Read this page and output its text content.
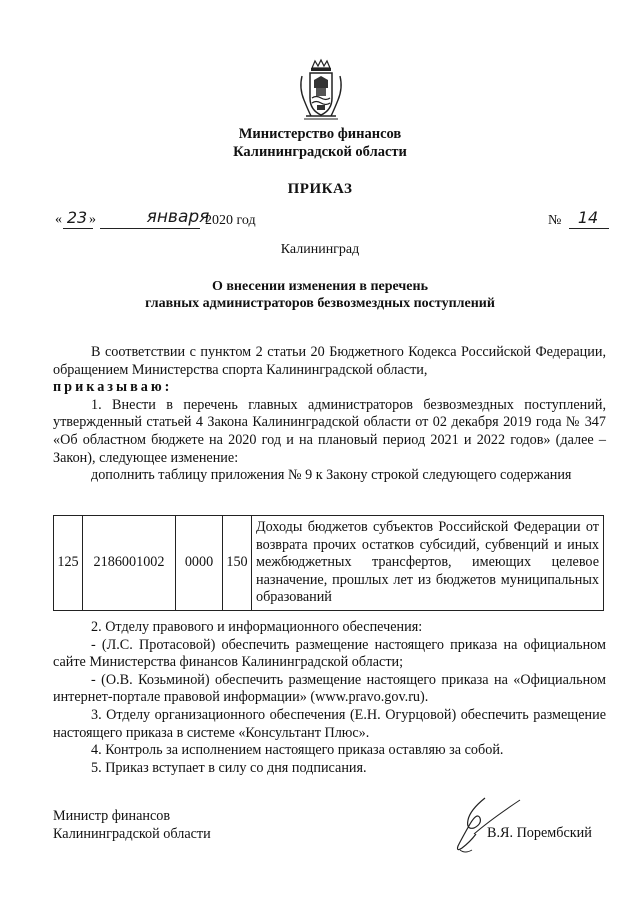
Министерство финансов
Калининградской области
ПРИКАЗ
« 23 »	января
2020 год	№	14
Калининград
О внесении изменения в перечень
главных администраторов безвозмездных поступлений

В соответствии с пунктом 2 статьи 20 Бюджетного Кодекса Российской Федерации, обращением Министерства спорта Калининградской области,
приказываю:

1. Внести в перечень главных администраторов безвозмездных поступлений, утвержденный статьей 4 Закона Калининградской области от 02 декабря 2019 года № 347 «Об областном бюджете на 2020 год и на плановый период 2021 и 2022 годов» (далее – Закон), следующее изменение:

дополнить таблицу приложения № 9 к Закону строкой следующего содержания

125	2186001002	0000	150	Доходы бюджетов субъектов Российской Федерации от возврата прочих остатков субсидий, субвенций и иных межбюджетных трансфертов, имеющих целевое назначение, прошлых лет из бюджетов муниципальных образований

2. Отделу правового и информационного обеспечения:

- (Л.С. Протасовой) обеспечить размещение настоящего приказа на официальном сайте Министерства финансов Калининградской области;

- (О.В. Козьминой) обеспечить размещение настоящего приказа на «Официальном интернет-портале правовой информации» (www.pravo.gov.ru).

3. Отделу организационного обеспечения (Е.Н. Огурцовой) обеспечить размещение настоящего приказа в системе «Консультант Плюс».

4. Контроль за исполнением настоящего приказа оставляю за собой.

5. Приказ вступает в силу со дня подписания.

Министр финансов
Калининградской области	В.Я. Порембский
